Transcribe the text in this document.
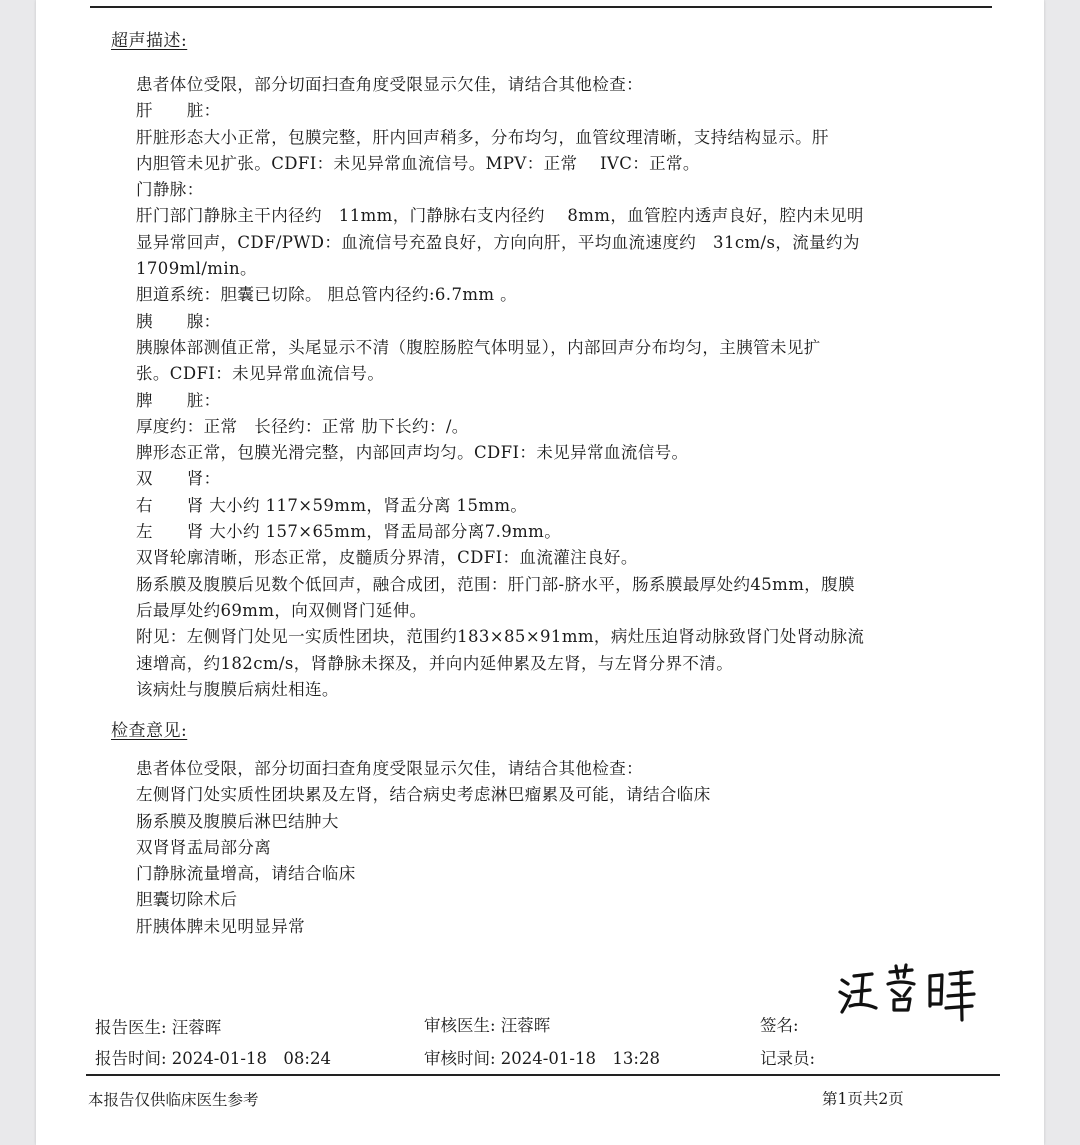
超声描述:
患者体位受限，部分切面扫查角度受限显示欠佳，请结合其他检查：
肝　　脏：
肝脏形态大小正常，包膜完整，肝内回声稍多，分布均匀，血管纹理清晰，支持结构显示。肝
内胆管未见扩张。CDFI：未见异常血流信号。MPV：正常　 IVC：正常。
门静脉：
肝门部门静脉主干内径约　11mm，门静脉右支内径约　 8mm，血管腔内透声良好，腔内未见明
显异常回声，CDF/PWD：血流信号充盈良好，方向向肝，平均血流速度约　31cm/s，流量约为
1709ml/min。
胆道系统：胆囊已切除。 胆总管内径约:6.7mm 。
胰　　腺：
胰腺体部测值正常，头尾显示不清（腹腔肠腔气体明显），内部回声分布均匀，主胰管未见扩
张。CDFI：未见异常血流信号。
脾　　脏：
厚度约：正常　长径约：正常 肋下长约：/。
脾形态正常，包膜光滑完整，内部回声均匀。CDFI：未见异常血流信号。
双　　肾：
右　　肾 大小约 117×59mm，肾盂分离 15mm。
左　　肾 大小约 157×65mm，肾盂局部分离7.9mm。
双肾轮廓清晰，形态正常，皮髓质分界清，CDFI：血流灌注良好。
肠系膜及腹膜后见数个低回声，融合成团，范围：肝门部-脐水平，肠系膜最厚处约45mm，腹膜
后最厚处约69mm，向双侧肾门延伸。
附见：左侧肾门处见一实质性团块，范围约183×85×91mm，病灶压迫肾动脉致肾门处肾动脉流
速增高，约182cm/s，肾静脉未探及，并向内延伸累及左肾，与左肾分界不清。
该病灶与腹膜后病灶相连。
检查意见:
患者体位受限，部分切面扫查角度受限显示欠佳，请结合其他检查：
左侧肾门处实质性团块累及左肾，结合病史考虑淋巴瘤累及可能，请结合临床
肠系膜及腹膜后淋巴结肿大
双肾肾盂局部分离
门静脉流量增高，请结合临床
胆囊切除术后
肝胰体脾未见明显异常
报告医生: 汪蓉晖	审核医生: 汪蓉晖	签名:
报告时间: 2024-01-18　08:24	审核时间: 2024-01-18　13:28	记录员:
本报告仅供临床医生参考	第1页共2页
